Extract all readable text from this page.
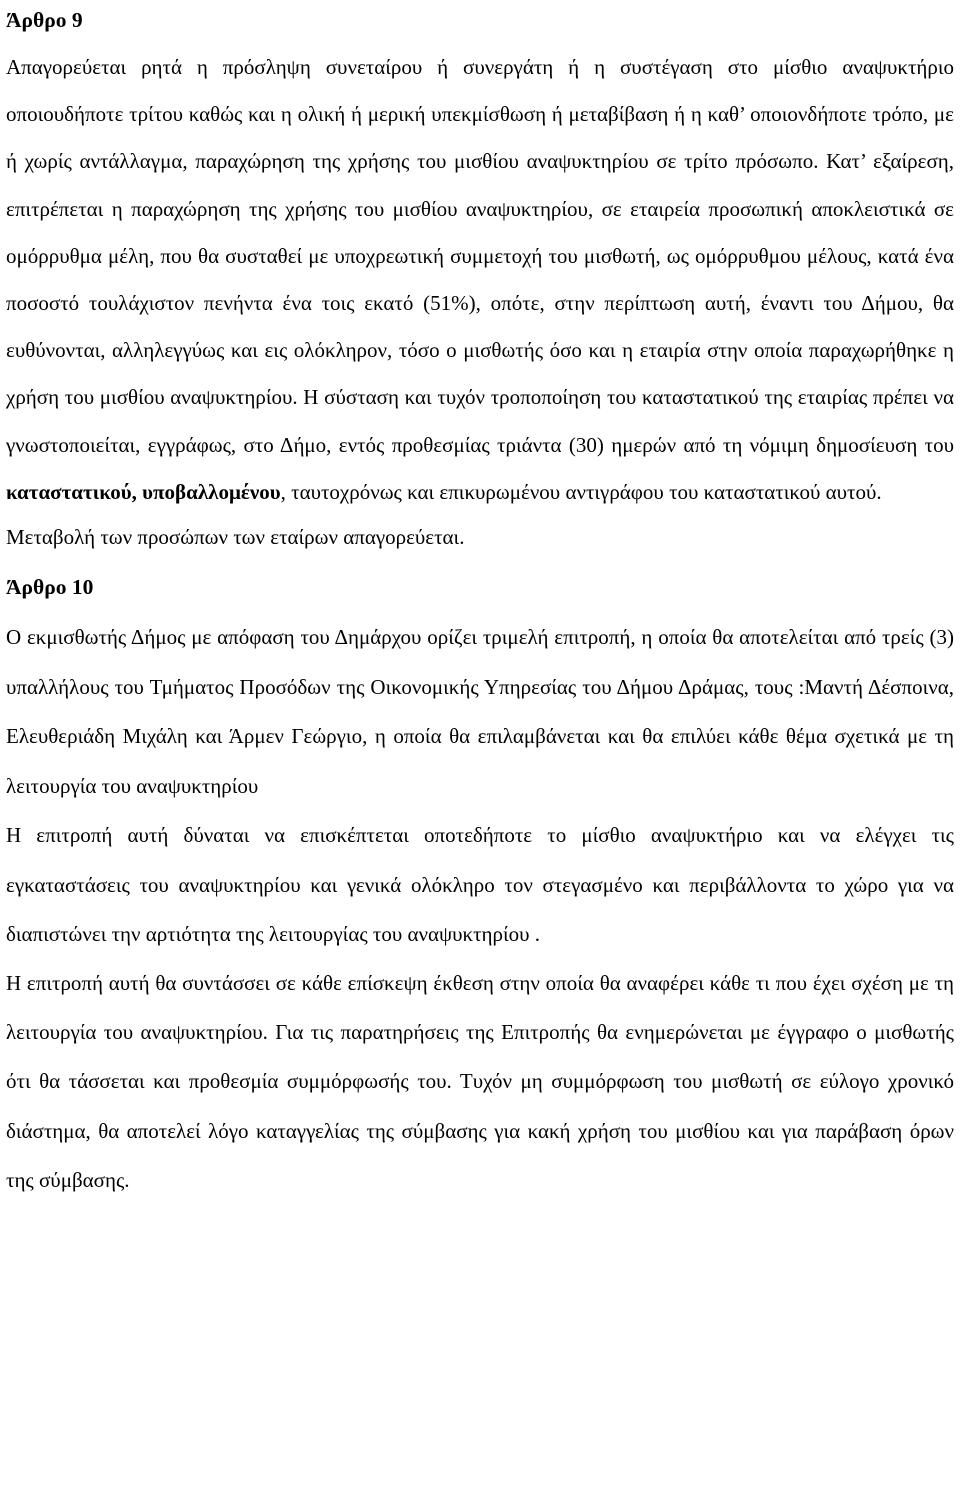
Άρθρο 9

Απαγορεύεται ρητά η πρόσληψη συνεταίρου ή συνεργάτη ή η συστέγαση στο μίσθιο αναψυκτήριο οποιουδήποτε τρίτου καθώς και η ολική ή μερική υπεκμίσθωση ή μεταβίβαση ή η καθ’ οποιονδήποτε τρόπο, με ή χωρίς αντάλλαγμα, παραχώρηση της χρήσης του μισθίου αναψυκτηρίου σε τρίτο πρόσωπο. Κατ’ εξαίρεση, επιτρέπεται η παραχώρηση της χρήσης του μισθίου αναψυκτηρίου, σε εταιρεία προσωπική αποκλειστικά σε ομόρρυθμα μέλη, που θα συσταθεί με υποχρεωτική συμμετοχή του μισθωτή, ως ομόρρυθμου μέλους, κατά ένα ποσοστό τουλάχιστον πενήντα ένα τοις εκατό (51%), οπότε, στην περίπτωση αυτή, έναντι του Δήμου, θα ευθύνονται, αλληλεγγύως και εις ολόκληρον, τόσο ο μισθωτής όσο και η εταιρία στην οποία παραχωρήθηκε η χρήση του μισθίου αναψυκτηρίου. Η σύσταση και τυχόν τροποποίηση του καταστατικού της εταιρίας πρέπει να γνωστοποιείται, εγγράφως, στο Δήμο, εντός προθεσμίας τριάντα (30) ημερών από τη νόμιμη δημοσίευση του καταστατικού, υποβαλλομένου, ταυτοχρόνως και επικυρωμένου αντιγράφου του καταστατικού αυτού.

Μεταβολή των προσώπων των εταίρων απαγορεύεται.

Άρθρο 10

Ο εκμισθωτής Δήμος με απόφαση του Δημάρχου ορίζει τριμελή επιτροπή, η οποία θα αποτελείται από τρείς (3) υπαλλήλους του Τμήματος Προσόδων της Οικονομικής Υπηρεσίας του Δήμου Δράμας, τους :Μαντή Δέσποινα, Ελευθεριάδη Μιχάλη και Άρμεν Γεώργιο, η οποία θα επιλαμβάνεται και θα επιλύει κάθε θέμα σχετικά με τη λειτουργία του αναψυκτηρίου

Η επιτροπή αυτή δύναται να επισκέπτεται οποτεδήποτε το μίσθιο αναψυκτήριο και να ελέγχει τις εγκαταστάσεις του αναψυκτηρίου και γενικά ολόκληρο τον στεγασμένο και περιβάλλοντα το χώρο για να διαπιστώνει την αρτιότητα της λειτουργίας του αναψυκτηρίου .

Η επιτροπή αυτή θα συντάσσει σε κάθε επίσκεψη έκθεση στην οποία θα αναφέρει κάθε τι που έχει σχέση με τη λειτουργία του αναψυκτηρίου. Για τις παρατηρήσεις της Επιτροπής θα ενημερώνεται με έγγραφο ο μισθωτής ότι θα τάσσεται και προθεσμία συμμόρφωσής του. Τυχόν μη συμμόρφωση του μισθωτή σε εύλογο χρονικό διάστημα, θα αποτελεί λόγο καταγγελίας της σύμβασης για κακή χρήση του μισθίου και για παράβαση όρων της σύμβασης.
